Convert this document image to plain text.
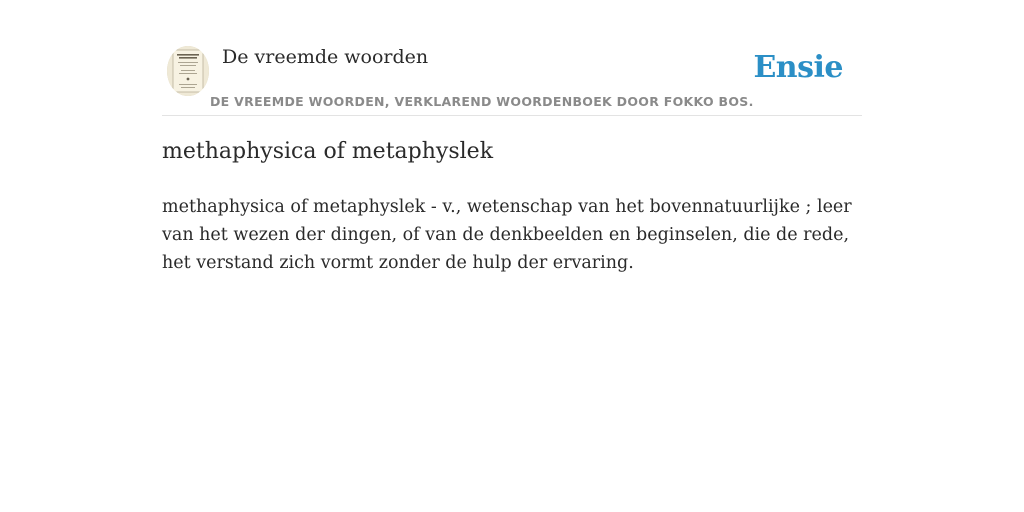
De vreemde woorden
DE VREEMDE WOORDEN, VERKLAREND WOORDENBOEK DOOR FOKKO BOS.
Ensie
methaphysica of metaphyslek

methaphysica of metaphyslek - v., wetenschap van het bovennatuurlijke ; leer van het wezen der dingen, of van de denkbeelden en beginselen, die de rede, het verstand zich vormt zonder de hulp der ervaring.
